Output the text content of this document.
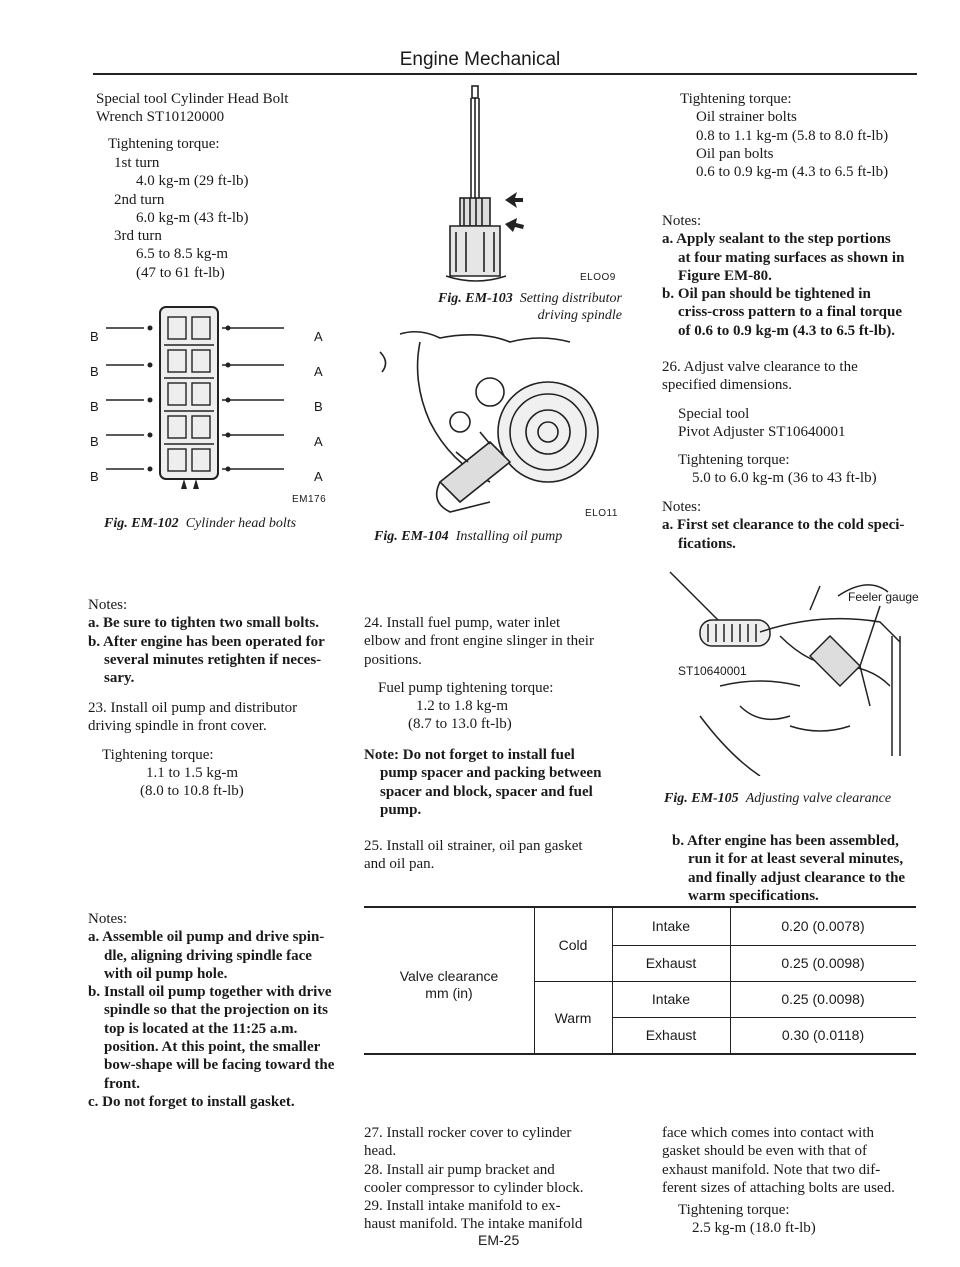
Engine Mechanical
Special tool Cylinder Head Bolt
Wrench ST10120000
Tightening torque:
1st turn
4.0 kg-m (29 ft-lb)
2nd turn
6.0 kg-m (43 ft-lb)
3rd turn
6.5 to 8.5 kg-m
(47 to 61 ft-lb)
B
B
B
B
B
A
A
B
A
A
EM176
Fig. EM-102 Cylinder head bolts
Notes:
a. Be sure to tighten two small bolts.
b. After engine has been operated for
several minutes retighten if neces-
sary.
23. Install oil pump and distributor
driving spindle in front cover.
Tightening torque:
1.1 to 1.5 kg-m
(8.0 to 10.8 ft-lb)
Notes:
a. Assemble oil pump and drive spin-
dle, aligning driving spindle face
with oil pump hole.
b. Install oil pump together with drive
spindle so that the projection on its
top is located at the 11:25 a.m.
position. At this point, the smaller
bow-shape will be facing toward the
front.
c. Do not forget to install gasket.
ELOO9
Fig. EM-103 Setting distributor
driving spindle
ELO11
Fig. EM-104 Installing oil pump
24. Install fuel pump, water inlet
elbow and front engine slinger in their
positions.
Fuel pump tightening torque:
1.2 to 1.8 kg-m
(8.7 to 13.0 ft-lb)
Note: Do not forget to install fuel
pump spacer and packing between
spacer and block, spacer and fuel
pump.
25. Install oil strainer, oil pan gasket
and oil pan.
Valve clearance
mm (in)
Cold
Warm
Intake
Exhaust
Intake
Exhaust
0.20 (0.0078)
0.25 (0.0098)
0.25 (0.0098)
0.30 (0.0118)
27. Install rocker cover to cylinder
head.
28. Install air pump bracket and
cooler compressor to cylinder block.
29. Install intake manifold to ex-
haust manifold. The intake manifold
EM-25
Tightening torque:
Oil strainer bolts
0.8 to 1.1 kg-m (5.8 to 8.0 ft-lb)
Oil pan bolts
0.6 to 0.9 kg-m (4.3 to 6.5 ft-lb)
Notes:
a. Apply sealant to the step portions
at four mating surfaces as shown in
Figure EM-80.
b. Oil pan should be tightened in
criss-cross pattern to a final torque
of 0.6 to 0.9 kg-m (4.3 to 6.5 ft-lb).
26. Adjust valve clearance to the
specified dimensions.
Special tool
Pivot Adjuster ST10640001
Tightening torque:
5.0 to 6.0 kg-m (36 to 43 ft-lb)
Notes:
a. First set clearance to the cold speci-
fications.
Feeler gauge
ST10640001
Fig. EM-105 Adjusting valve clearance
b. After engine has been assembled,
run it for at least several minutes,
and finally adjust clearance to the
warm specifications.
face which comes into contact with
gasket should be even with that of
exhaust manifold. Note that two dif-
ferent sizes of attaching bolts are used.
Tightening torque:
2.5 kg-m (18.0 ft-lb)
